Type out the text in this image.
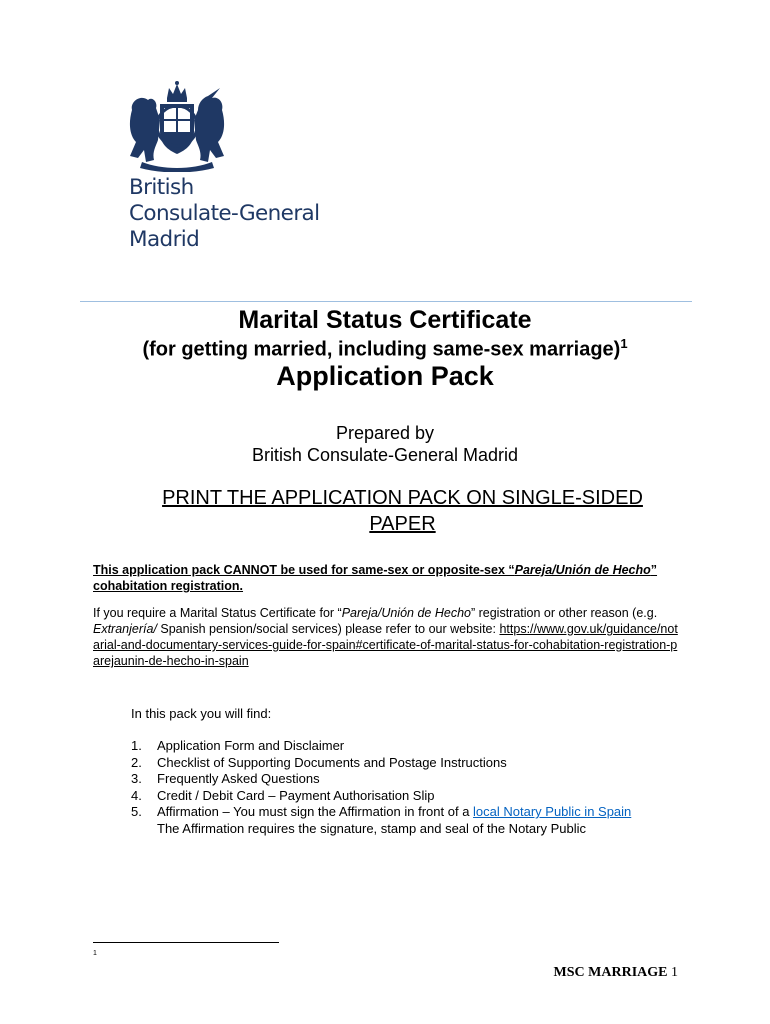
British
Consulate-General
Madrid
Marital Status Certificate
(for getting married, including same-sex marriage)$^1$
Application Pack
Prepared by
British Consulate-General Madrid
PRINT THE APPLICATION PACK ON SINGLE-SIDED PAPER
This application pack CANNOT be used for same-sex or opposite-sex “Pareja/Unión de Hecho” cohabitation registration.
If you require a Marital Status Certificate for “Pareja/Unión de Hecho” registration or other reason (e.g. Extranjería/ Spanish pension/social services) please refer to our website: https://www.gov.uk/guidance/notarial-and-documentary-services-guide-for-spain#certificate-of-marital-status-for-cohabitation-registration-parejaunin-de-hecho-in-spain
In this pack you will find:
1. Application Form and Disclaimer
2. Checklist of Supporting Documents and Postage Instructions
3. Frequently Asked Questions
4. Credit / Debit Card – Payment Authorisation Slip
5. Affirmation – You must sign the Affirmation in front of a local Notary Public in Spain
The Affirmation requires the signature, stamp and seal of the Notary Public
1
MSC MARRIAGE 1
